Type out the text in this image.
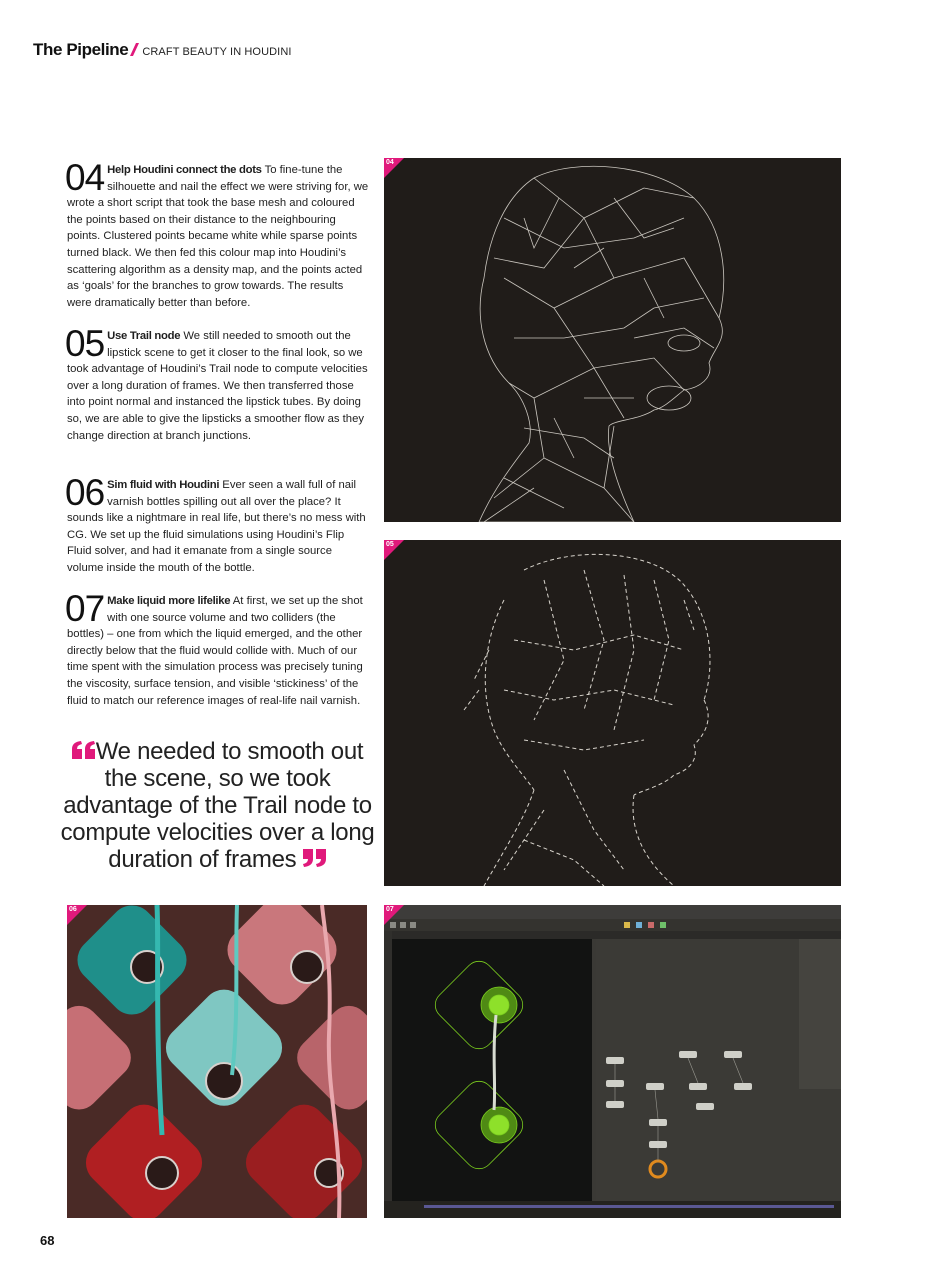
The Pipeline CRAFT BEAUTY IN HOUDINI
04 Help Houdini connect the dots To fine-tune the silhouette and nail the effect we were striving for, we wrote a short script that took the base mesh and coloured the points based on their distance to the neighbouring points. Clustered points became white while sparse points turned black. We then fed this colour map into Houdini’s scattering algorithm as a density map, and the points acted as ‘goals’ for the branches to grow towards. The results were dramatically better than before.
05 Use Trail node We still needed to smooth out the lipstick scene to get it closer to the final look, so we took advantage of Houdini’s Trail node to compute velocities over a long duration of frames. We then transferred those into point normal and instanced the lipstick tubes. By doing so, we are able to give the lipsticks a smoother flow as they change direction at branch junctions.
06 Sim fluid with Houdini Ever seen a wall full of nail varnish bottles spilling out all over the place? It sounds like a nightmare in real life, but there’s no mess with CG. We set up the fluid simulations using Houdini’s Flip Fluid solver, and had it emanate from a single source volume inside the mouth of the bottle.
07 Make liquid more lifelike At first, we set up the shot with one source volume and two colliders (the bottles) – one from which the liquid emerged, and the other directly below that the fluid would collide with. Much of our time spent with the simulation process was precisely tuning the viscosity, surface tension, and visible ‘stickiness’ of the fluid to match our reference images of real-life nail varnish.
We needed to smooth out the scene, so we took advantage of the Trail node to compute velocities over a long duration of frames
04
05
06	07
68
